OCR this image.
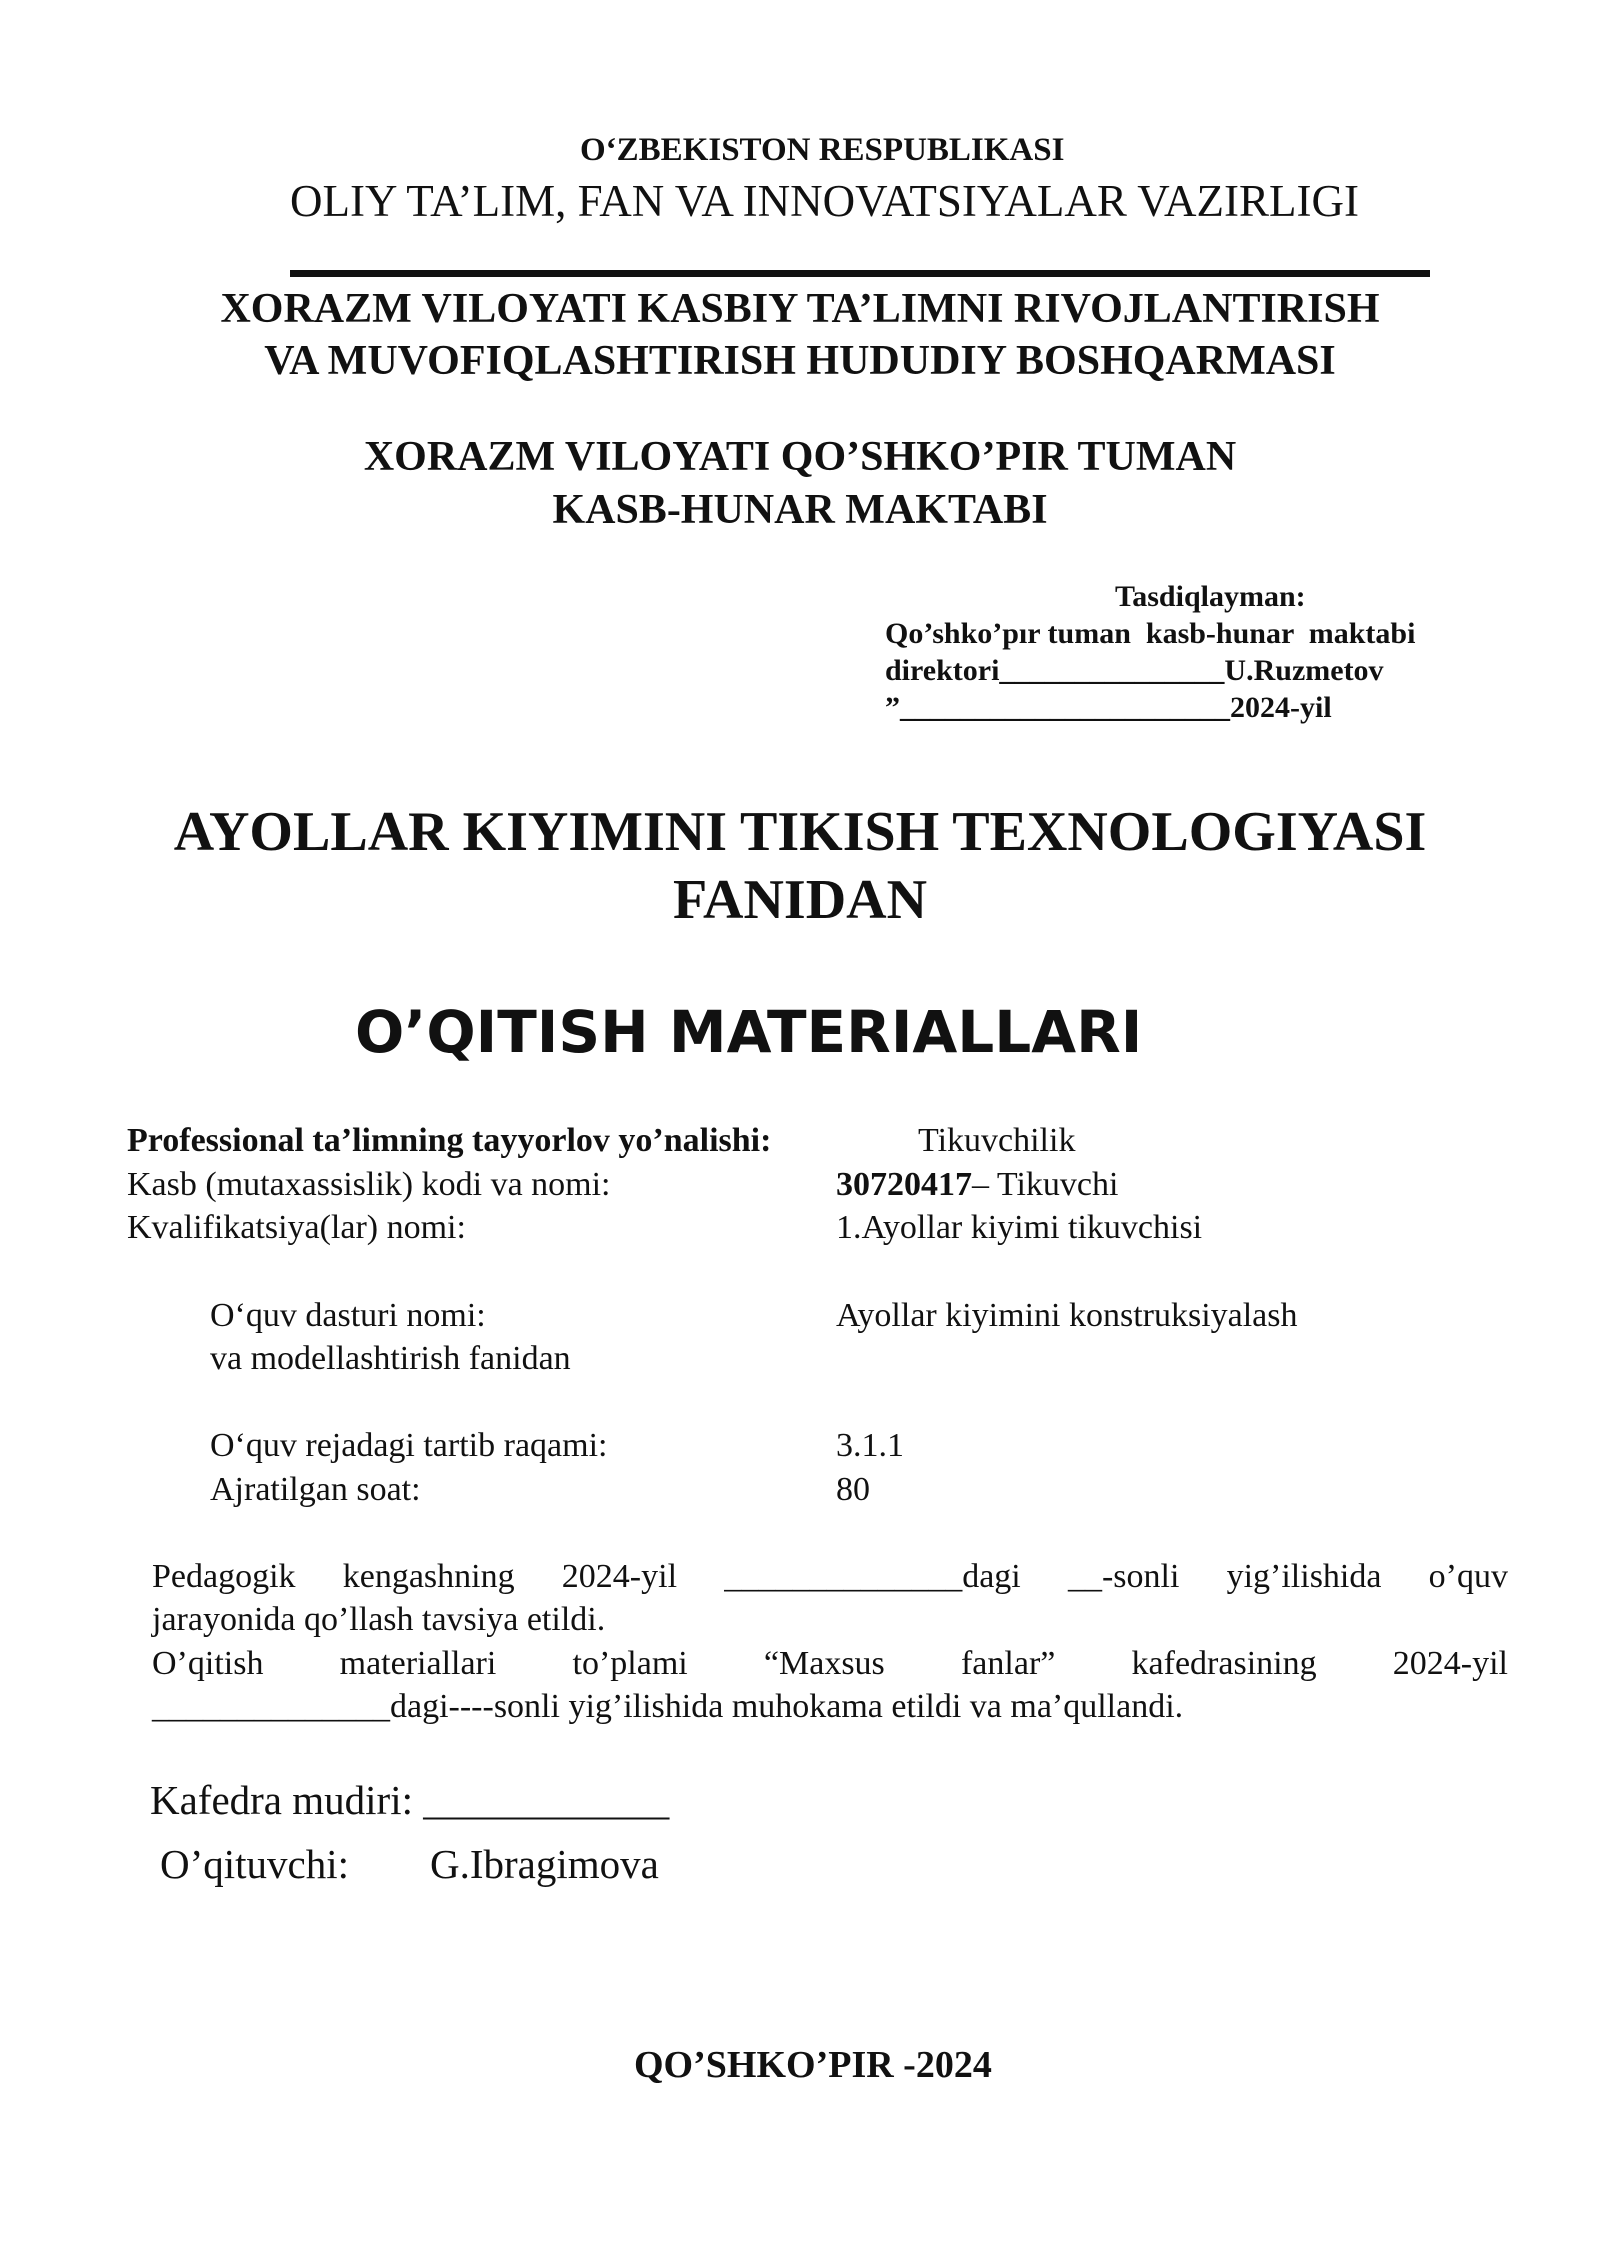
O‘ZBEKISTON RESPUBLIKASI
OLIY TA’LIM, FAN VA INNOVATSIYALAR VAZIRLIGI
XORAZM VILOYATI KASBIY TA’LIMNI RIVOJLANTIRISH
VA MUVOFIQLASHTIRISH HUDUDIY BOSHQARMASI
XORAZM VILOYATI QO’SHKO’PIR TUMAN
KASB-HUNAR MAKTABI
Tasdiqlayman:
Qo’shko’pır tuman  kasb-hunar  maktabi
direktori_______________U.Ruzmetov
”______________________2024-yil
AYOLLAR KIYIMINI TIKISH TEXNOLOGIYASI
FANIDAN
O’QITISH MATERIALLARI
Professional ta’limning tayyorlov yo’nalishi:	Tikuvchilik
Kasb (mutaxassislik) kodi va nomi:	30720417– Tikuvchi
Kvalifikatsiya(lar) nomi:	1.Ayollar kiyimi tikuvchisi
O‘quv dasturi nomi:	Ayollar kiyimini konstruksiyalash
va modellashtirish fanidan
O‘quv rejadagi tartib raqami:	3.1.1
Ajratilgan soat:	80
Pedagogik kengashning 2024-yil ______________dagi __-sonli yig’ilishida o’quv
jarayonida qo’llash tavsiya etildi.
O’qitish materiallari to’plami “Maxsus fanlar” kafedrasining 2024-yil
______________dagi----sonli yig’ilishida muhokama etildi va ma’qullandi.
Kafedra mudiri: ____________
O’qituvchi: G.Ibragimova
QO’SHKO’PIR -2024
